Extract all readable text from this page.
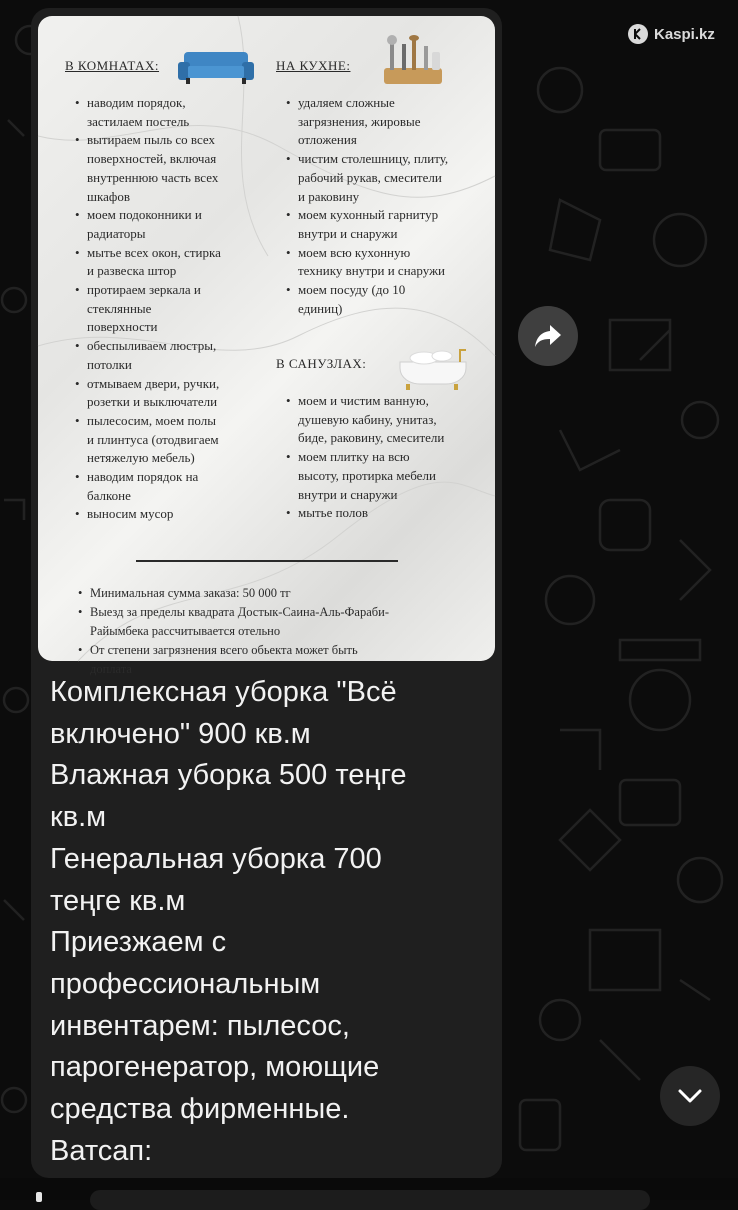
Kaspi.kz
В КОМНАТАХ:
• наводим порядок,
застилаем постель
• вытираем пыль со всех
поверхностей, включая
внутреннюю часть всех
шкафов
• моем подоконники и
радиаторы
• мытье всех окон, стирка
и развеска штор
• протираем зеркала и
стеклянные
поверхности
• обеспыливаем люстры,
потолки
• отмываем двери, ручки,
розетки и выключатели
• пылесосим, моем полы
и плинтуса (отодвигаем
нетяжелую мебель)
• наводим порядок на
балконе
• выносим мусор
НА КУХНЕ:
• удаляем сложные
загрязнения, жировые
отложения
• чистим столешницу, плиту,
рабочий рукав, смесители
и раковину
• моем кухонный гарнитур
внутри и снаружи
• моем всю кухонную
технику внутри и снаружи
• моем посуду (до 10
единиц)
В САНУЗЛАХ:
• моем и чистим ванную,
душевую кабину, унитаз,
биде, раковину, смесители
• моем плитку на всю
высоту, протирка мебели
внутри и снаружи
• мытье полов
• Минимальная сумма заказа: 50 000 тг
• Выезд за пределы квадрата Достык-Саина-Аль-Фараби-
Райымбека рассчитывается отельно
• От степени загрязнения всего обьекта может быть
доплата
Комплексная уборка "Всё
включено" 900 кв.м
Влажная уборка 500 теңге
кв.м
Генеральная уборка 700
теңге кв.м
Приезжаем с
профессиональным
инвентарем: пылесос,
парогенератор, моющие
средства фирменные.
Ватсап:
